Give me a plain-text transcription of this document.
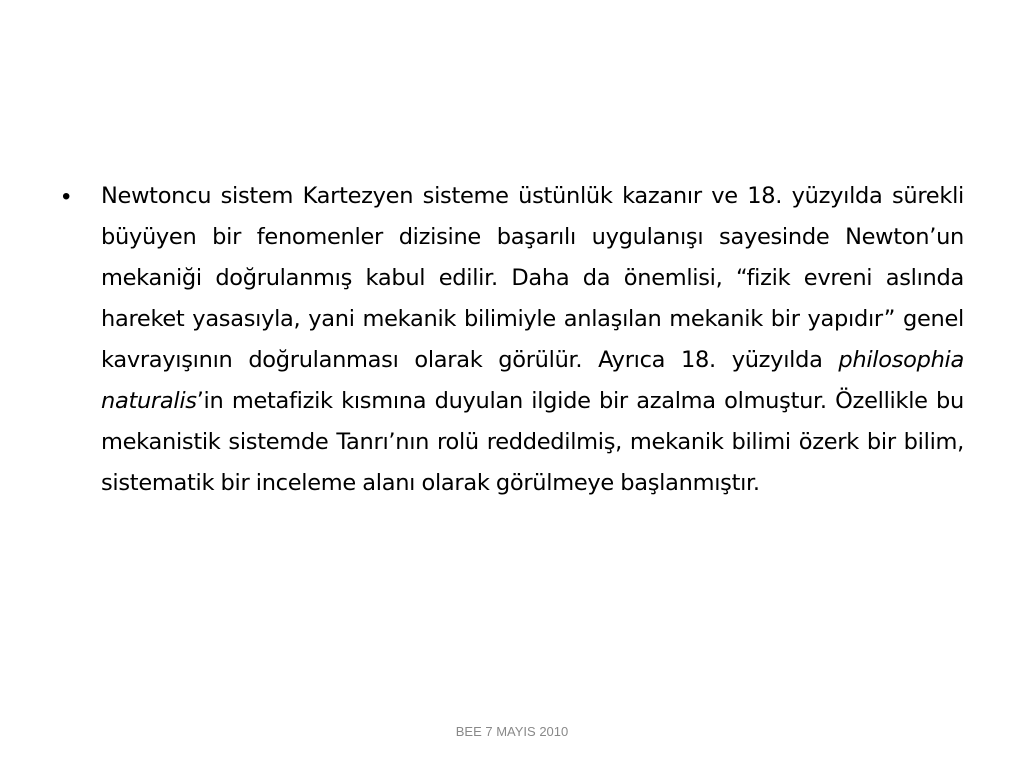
•	Newtoncu sistem Kartezyen sisteme üstünlük kazanır ve 18. yüzyılda sürekli büyüyen bir fenomenler dizisine başarılı uygulanışı sayesinde Newton’un mekaniği doğrulanmış kabul edilir. Daha da önemlisi, “fizik evreni aslında hareket yasasıyla, yani mekanik bilimiyle anlaşılan mekanik bir yapıdır” genel kavrayışının doğrulanması olarak görülür. Ayrıca 18. yüzyılda philosophia naturalis’in metafizik kısmına duyulan ilgide bir azalma olmuştur. Özellikle bu mekanistik sistemde Tanrı’nın rolü reddedilmiş, mekanik bilimi özerk bir bilim, sistematik bir inceleme alanı olarak görülmeye başlanmıştır.

BEE 7 MAYIS 2010
